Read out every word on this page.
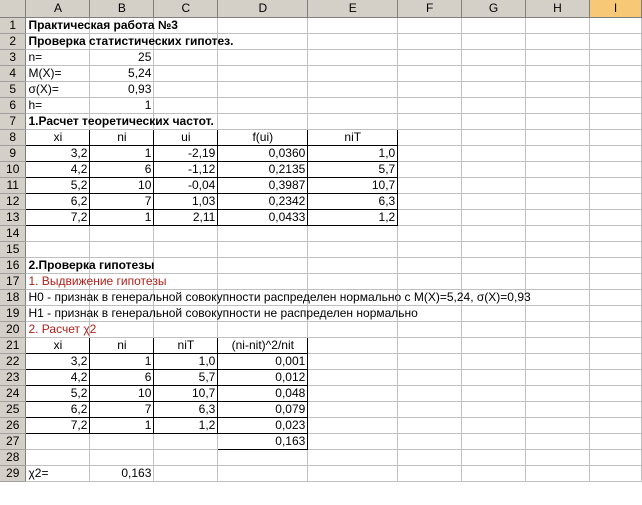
	A	B	C	D	E	F	G	H	I
1	Практическая работа №3								

2	Проверка статистических гипотез.								

3	n=	25							
4	M(X)=	5,24							
5	σ(X)=	0,93							
6	h=	1							
7	1.Расчет теоретических частот.								

8	xi	ni	ui	f(ui)	niT				
9	3,2	1	-2,19	0,0360	1,0				
10	4,2	6	-1,12	0,2135	5,7				
11	5,2	10	-0,04	0,3987	10,7				
12	6,2	7	1,03	0,2342	6,3				
13	7,2	1	2,11	0,0433	1,2				
14									
15									
16	2.Проверка гипотезы								

17	1. Выдвижение гипотезы								

18	H0 - признак в генеральной совокупности распределен нормально с M(X)=5,24, σ(X)=0,93								

19	H1 - признак в генеральной совокупности не распределен нормально								

20	2. Расчет χ2								

21	xi	ni	niT	(ni-nit)^2/nit					
22	3,2	1	1,0	0,001					
23	4,2	6	5,7	0,012					
24	5,2	10	10,7	0,048					
25	6,2	7	6,3	0,079					
26	7,2	1	1,2	0,023					
27				0,163					
28									
29	χ2=	0,163							
